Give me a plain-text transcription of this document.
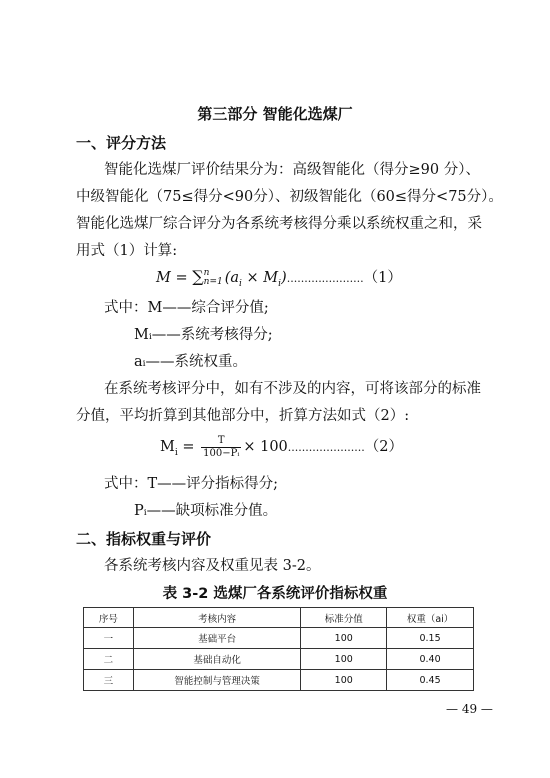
第三部分 智能化选煤厂
一、评分方法
智能化选煤厂评价结果分为：高级智能化（得分≥90 分）、
中级智能化（75≤得分<90分）、初级智能化（60≤得分<75分）。
智能化选煤厂综合评分为各系统考核得分乘以系统权重之和，采
用式（1）计算:
M = ∑ n
n=1 $(a_i \times M_i)......................(1)$
式中：M——综合评分值;
Mᵢ——系统考核得分;
aᵢ——系统权重。
在系统考核评分中，如有不涉及的内容，可将该部分的标准
分值，平均折算到其他部分中，折算方法如式（2）:
$M_i = \frac{T}{\text{100−Pᵢ}} \times 100......................(2)$
式中：T——评分指标得分;
Pᵢ——缺项标准分值。
二、指标权重与评价
各系统考核内容及权重见表 3-2。
表 3-2 选煤厂各系统评价指标权重
序号	考核内容	标准分值	权重（ai）
一	基础平台	100	0.15
二	基础自动化	100	0.40
三	智能控制与管理决策	100	0.45
— 49 —
